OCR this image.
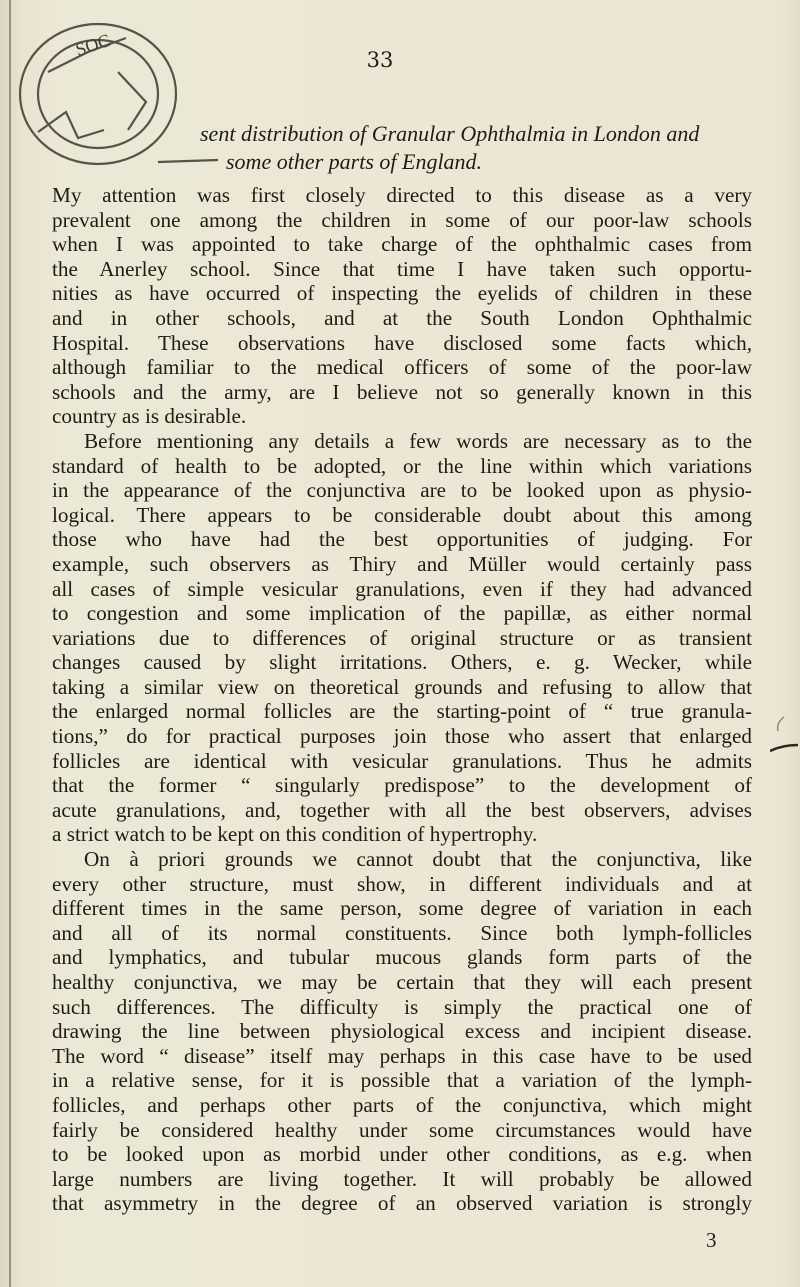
SOC
33
sent distribution of Granular Ophthalmia in London and
some other parts of England.
My attention was first closely directed to this disease as a very
prevalent one among the children in some of our poor-law schools
when I was appointed to take charge of the ophthalmic cases from
the Anerley school. Since that time I have taken such opportu-
nities as have occurred of inspecting the eyelids of children in these
and in other schools, and at the South London Ophthalmic
Hospital. These observations have disclosed some facts which,
although familiar to the medical officers of some of the poor-law
schools and the army, are I believe not so generally known in this
country as is desirable.
Before mentioning any details a few words are necessary as to the
standard of health to be adopted, or the line within which variations
in the appearance of the conjunctiva are to be looked upon as physio-
logical. There appears to be considerable doubt about this among
those who have had the best opportunities of judging. For
example, such observers as Thiry and Müller would certainly pass
all cases of simple vesicular granulations, even if they had advanced
to congestion and some implication of the papillæ, as either normal
variations due to differences of original structure or as transient
changes caused by slight irritations. Others, e. g. Wecker, while
taking a similar view on theoretical grounds and refusing to allow that
the enlarged normal follicles are the starting-point of “ true granula-
tions,” do for practical purposes join those who assert that enlarged
follicles are identical with vesicular granulations. Thus he admits
that the former “ singularly predispose” to the development of
acute granulations, and, together with all the best observers, advises
a strict watch to be kept on this condition of hypertrophy.
On à priori grounds we cannot doubt that the conjunctiva, like
every other structure, must show, in different individuals and at
different times in the same person, some degree of variation in each
and all of its normal constituents. Since both lymph-follicles
and lymphatics, and tubular mucous glands form parts of the
healthy conjunctiva, we may be certain that they will each present
such differences. The difficulty is simply the practical one of
drawing the line between physiological excess and incipient disease.
The word “ disease” itself may perhaps in this case have to be used
in a relative sense, for it is possible that a variation of the lymph-
follicles, and perhaps other parts of the conjunctiva, which might
fairly be considered healthy under some circumstances would have
to be looked upon as morbid under other conditions, as e.g. when
large numbers are living together. It will probably be allowed
that asymmetry in the degree of an observed variation is strongly
3
